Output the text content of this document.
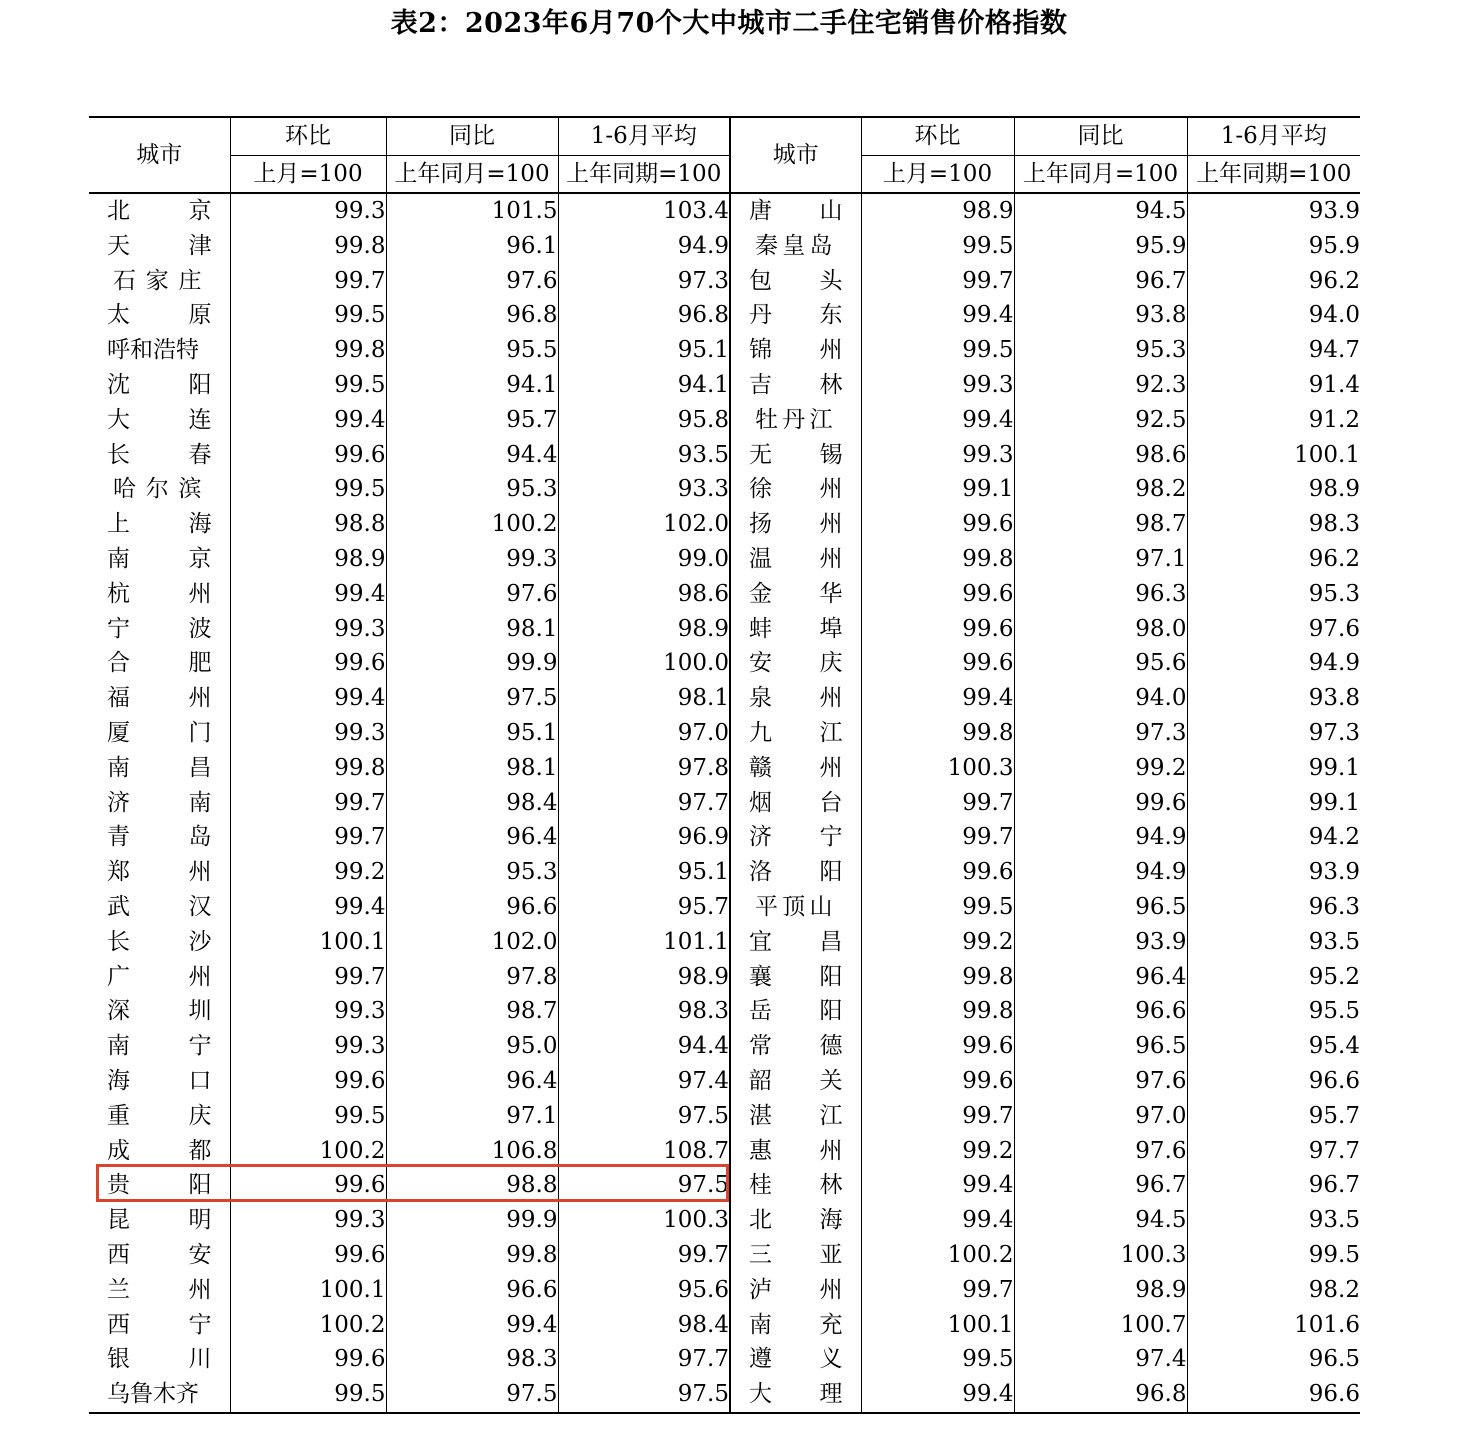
表2：2023年6月70个大中城市二手住宅销售价格指数
城市	环比	同比	1-6月平均	城市	环比	同比	1-6月平均
	上月=100	上年同月=100	上年同期=100		上月=100	上年同月=100	上年同期=100

北 京	99.3	101.5	103.4	唐 山	98.9	94.5	93.9

天 津	99.8	96.1	94.9	秦 皇 岛	99.5	95.9	95.9

石 家 庄	99.7	97.6	97.3	包 头	99.7	96.7	96.2

太 原	99.5	96.8	96.8	丹 东	99.4	93.8	94.0

呼和浩特	99.8	95.5	95.1	锦 州	99.5	95.3	94.7

沈 阳	99.5	94.1	94.1	吉 林	99.3	92.3	91.4

大 连	99.4	95.7	95.8	牡 丹 江	99.4	92.5	91.2

长 春	99.6	94.4	93.5	无 锡	99.3	98.6	100.1

哈 尔 滨	99.5	95.3	93.3	徐 州	99.1	98.2	98.9

上 海	98.8	100.2	102.0	扬 州	99.6	98.7	98.3

南 京	98.9	99.3	99.0	温 州	99.8	97.1	96.2

杭 州	99.4	97.6	98.6	金 华	99.6	96.3	95.3

宁 波	99.3	98.1	98.9	蚌 埠	99.6	98.0	97.6

合 肥	99.6	99.9	100.0	安 庆	99.6	95.6	94.9

福 州	99.4	97.5	98.1	泉 州	99.4	94.0	93.8

厦 门	99.3	95.1	97.0	九 江	99.8	97.3	97.3

南 昌	99.8	98.1	97.8	赣 州	100.3	99.2	99.1

济 南	99.7	98.4	97.7	烟 台	99.7	99.6	99.1

青 岛	99.7	96.4	96.9	济 宁	99.7	94.9	94.2

郑 州	99.2	95.3	95.1	洛 阳	99.6	94.9	93.9

武 汉	99.4	96.6	95.7	平 顶 山	99.5	96.5	96.3

长 沙	100.1	102.0	101.1	宜 昌	99.2	93.9	93.5

广 州	99.7	97.8	98.9	襄 阳	99.8	96.4	95.2

深 圳	99.3	98.7	98.3	岳 阳	99.8	96.6	95.5

南 宁	99.3	95.0	94.4	常 德	99.6	96.5	95.4

海 口	99.6	96.4	97.4	韶 关	99.6	97.6	96.6

重 庆	99.5	97.1	97.5	湛 江	99.7	97.0	95.7

成 都	100.2	106.8	108.7	惠 州	99.2	97.6	97.7

贵 阳	99.6	98.8	97.5	桂 林	99.4	96.7	96.7

昆 明	99.3	99.9	100.3	北 海	99.4	94.5	93.5

西 安	99.6	99.8	99.7	三 亚	100.2	100.3	99.5

兰 州	100.1	96.6	95.6	泸 州	99.7	98.9	98.2

西 宁	100.2	99.4	98.4	南 充	100.1	100.7	101.6

银 川	99.6	98.3	97.7	遵 义	99.5	97.4	96.5

乌鲁木齐	99.5	97.5	97.5	大 理	99.4	96.8	96.6
